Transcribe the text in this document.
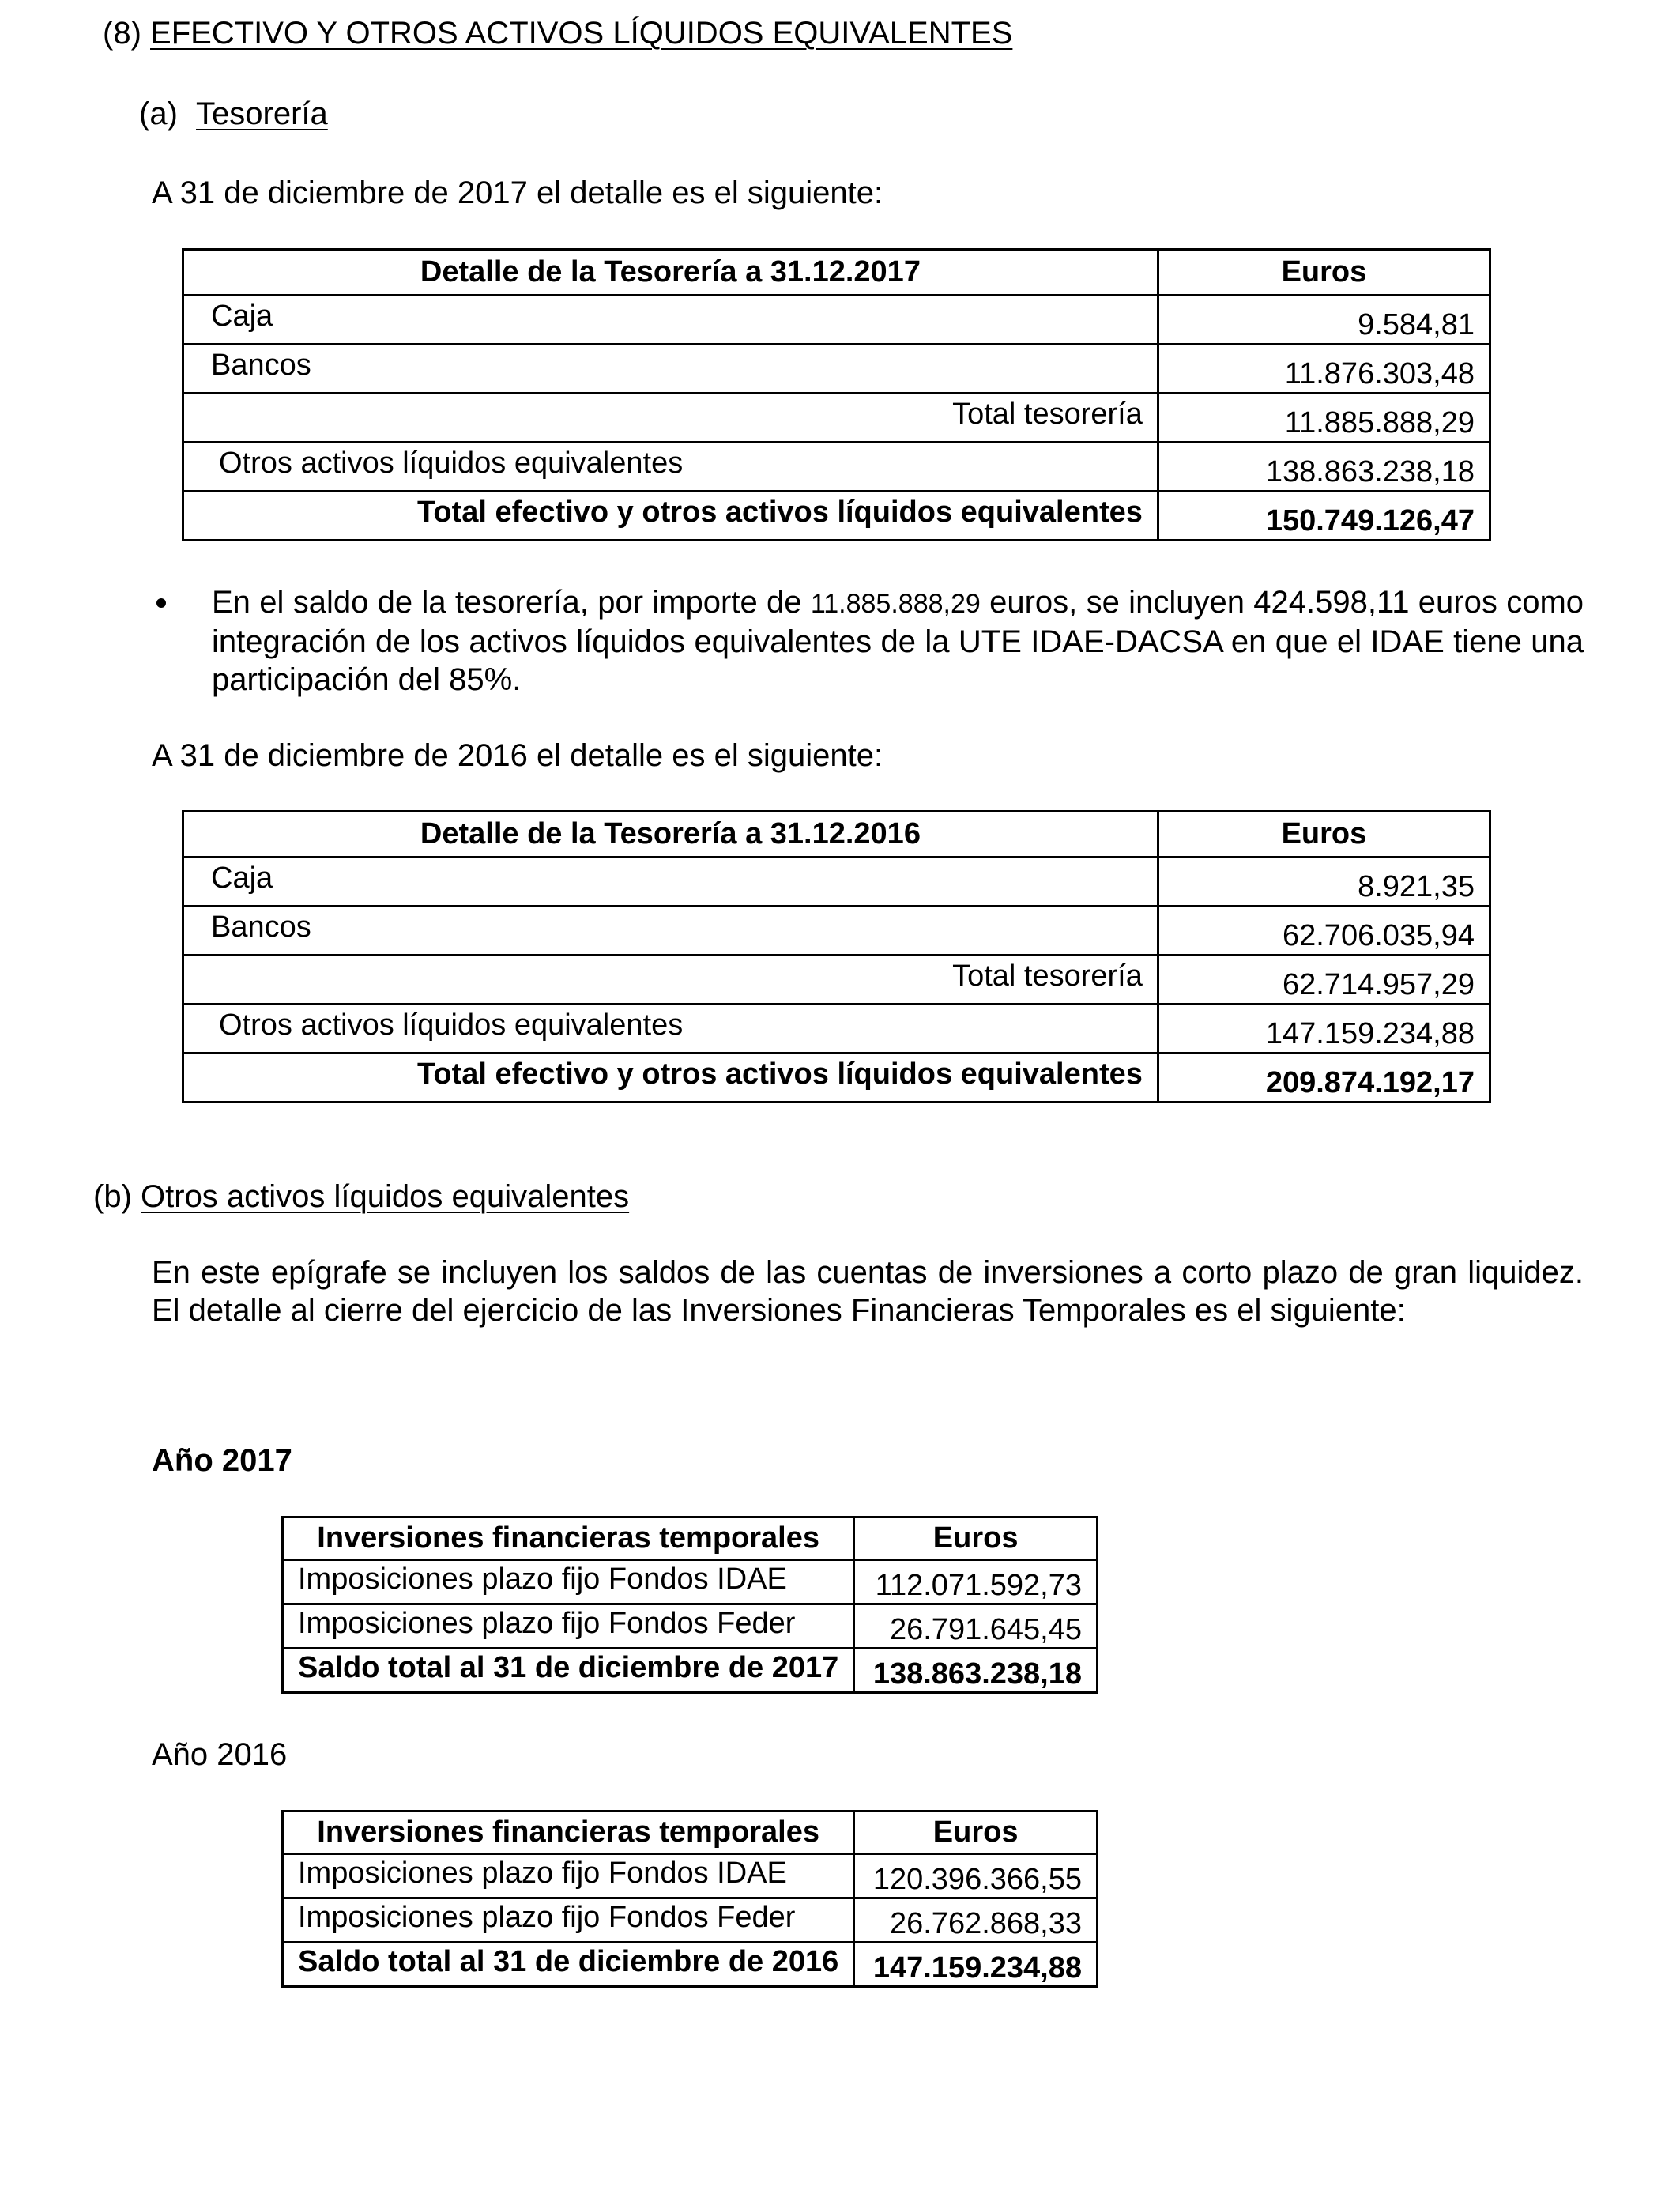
(8) EFECTIVO Y OTROS ACTIVOS LÍQUIDOS EQUIVALENTES
(a) Tesorería
A 31 de diciembre de 2017 el detalle es el siguiente:
Detalle de la Tesorería a 31.12.2017	Euros
Caja	9.584,81
Bancos	11.876.303,48
Total tesorería	11.885.888,29
Otros activos líquidos equivalentes	138.863.238,18
Total efectivo y otros activos líquidos equivalentes	150.749.126,47
En el saldo de la tesorería, por importe de 11.885.888,29 euros, se incluyen 424.598,11 euros como integración de los activos líquidos equivalentes de la UTE IDAE-DACSA en que el IDAE tiene una participación del 85%.
A 31 de diciembre de 2016 el detalle es el siguiente:
Detalle de la Tesorería a 31.12.2016	Euros
Caja	8.921,35
Bancos	62.706.035,94
Total tesorería	62.714.957,29
Otros activos líquidos equivalentes	147.159.234,88
Total efectivo y otros activos líquidos equivalentes	209.874.192,17
(b) Otros activos líquidos equivalentes
En este epígrafe se incluyen los saldos de las cuentas de inversiones a corto plazo de gran liquidez. El detalle al cierre del ejercicio de las Inversiones Financieras Temporales es el siguiente:
Año 2017
Inversiones financieras temporales	Euros
Imposiciones plazo fijo Fondos IDAE	112.071.592,73
Imposiciones plazo fijo Fondos Feder	26.791.645,45
Saldo total al 31 de diciembre de 2017	138.863.238,18
Año 2016
Inversiones financieras temporales	Euros
Imposiciones plazo fijo Fondos IDAE	120.396.366,55
Imposiciones plazo fijo Fondos Feder	26.762.868,33
Saldo total al 31 de diciembre de 2016	147.159.234,88
